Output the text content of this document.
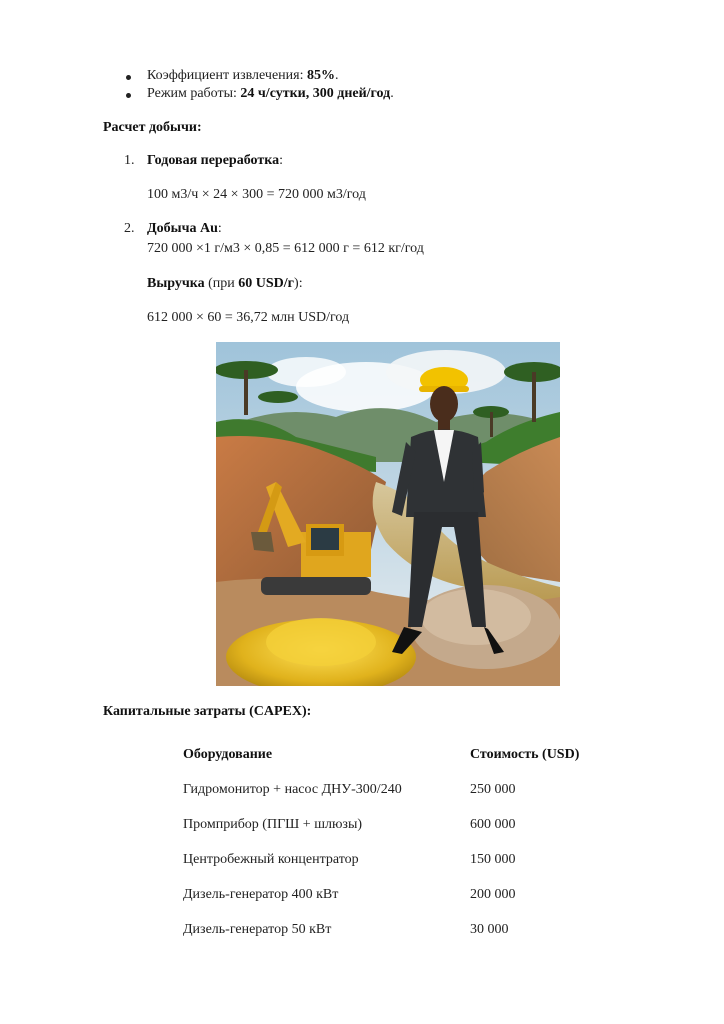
Коэффициент извлечения: 85%.
Режим работы: 24 ч/сутки, 300 дней/год.
Расчет добычи:
1. Годовая переработка:
100 м3/ч × 24 × 300 = 720 000 м3/год
2. Добыча Au:
720 000 ×1 г/м3 × 0,85 = 612 000 г = 612 кг/год
Выручка (при 60 USD/г):
612 000 × 60 = 36,72 млн USD/год
Капитальные затраты (CAPEX):
Оборудование	Стоимость (USD)
Гидромонитор + насос ДНУ-300/240	250 000
Промприбор (ПГШ + шлюзы)	600 000
Центробежный концентратор	150 000
Дизель-генератор 400 кВт	200 000
Дизель-генератор 50 кВт	30 000
